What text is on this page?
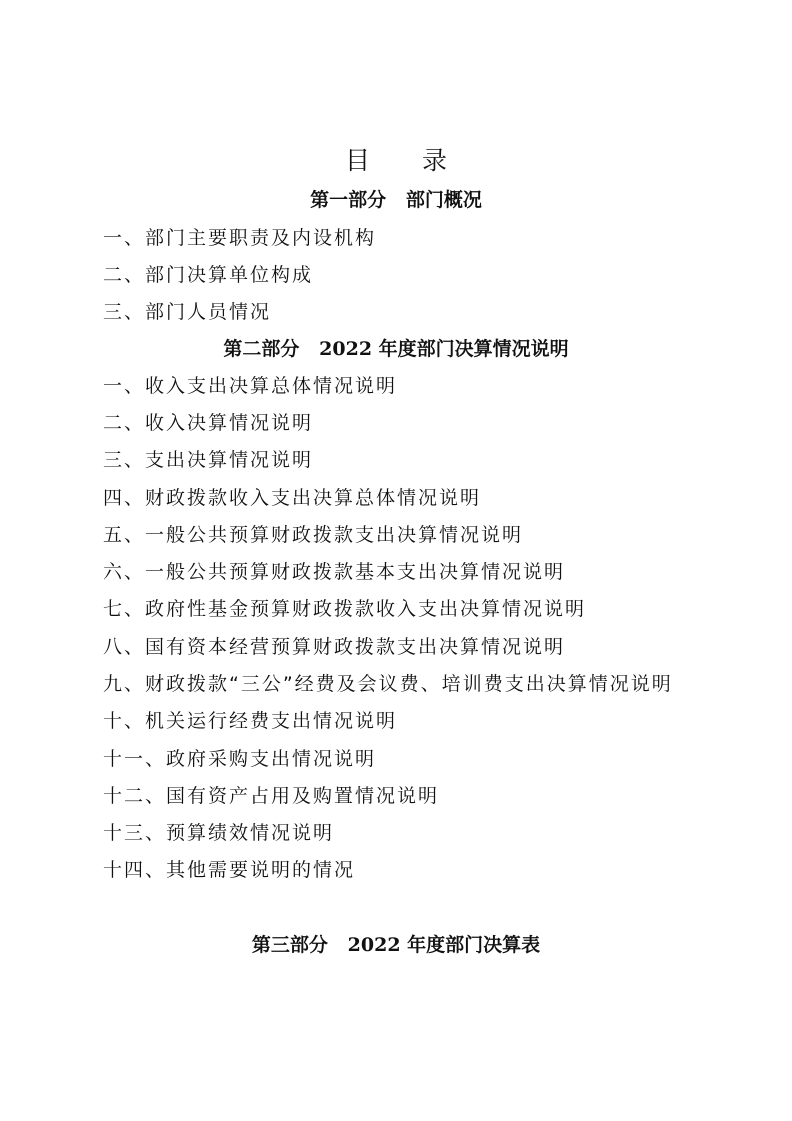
目 录
第一部分   部门概况
一、部门主要职责及内设机构
二、部门决算单位构成
三、部门人员情况
第二部分   2022 年度部门决算情况说明
一、收入支出决算总体情况说明
二、收入决算情况说明
三、支出决算情况说明
四、财政拨款收入支出决算总体情况说明
五、一般公共预算财政拨款支出决算情况说明
六、一般公共预算财政拨款基本支出决算情况说明
七、政府性基金预算财政拨款收入支出决算情况说明
八、国有资本经营预算财政拨款支出决算情况说明
九、财政拨款“三公”经费及会议费、培训费支出决算情况说明
十、机关运行经费支出情况说明
十一、政府采购支出情况说明
十二、国有资产占用及购置情况说明
十三、预算绩效情况说明
十四、其他需要说明的情况
第三部分   2022 年度部门决算表
